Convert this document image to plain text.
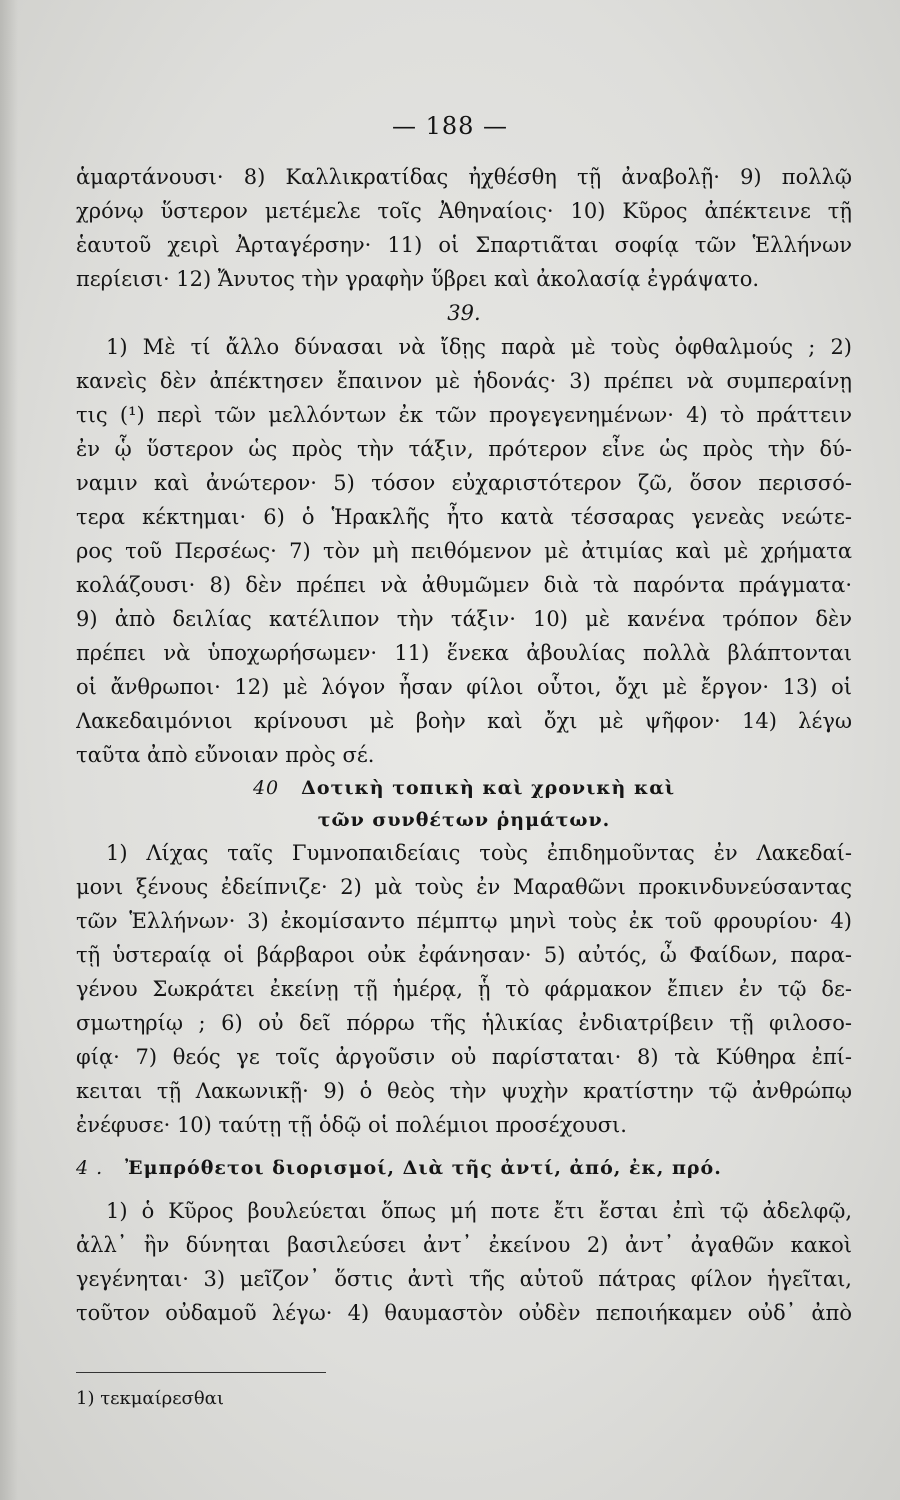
— 188 —
ἁμαρτάνουσι· 8) Καλλικρατίδας ἠχθέσθη τῇ ἀναβολῇ· 9) πολλῷ
χρόνῳ ὕστερον μετέμελε τοῖς Ἀθηναίοις· 10) Κῦρος ἀπέκτεινε τῇ
ἑαυτοῦ χειρὶ Ἀρταγέρσην· 11) οἱ Σπαρτιᾶται σοφίᾳ τῶν Ἑλλήνων
περίεισι· 12) Ἄνυτος τὴν γραφὴν ὕβρει καὶ ἀκολασίᾳ ἐγράψατο.
39.
1) Μὲ τί ἄλλο δύνασαι νὰ ἴδῃς παρὰ μὲ τοὺς ὀφθαλμούς ; 2)
κανεὶς δὲν ἀπέκτησεν ἔπαινον μὲ ἡδονάς· 3) πρέπει νὰ συμπεραίνῃ
τις (¹) περὶ τῶν μελλόντων ἐκ τῶν προγεγενημένων· 4) τὸ πράττειν
ἐν ᾧ ὕστερον ὡς πρὸς τὴν τάξιν, πρότερον εἶνε ὡς πρὸς τὴν δύ-
ναμιν καὶ ἀνώτερον· 5) τόσον εὐχαριστότερον ζῶ, ὅσον περισσό-
τερα κέκτημαι· 6) ὁ Ἡρακλῆς ἦτο κατὰ τέσσαρας γενεὰς νεώτε-
ρος τοῦ Περσέως· 7) τὸν μὴ πειθόμενον μὲ ἀτιμίας καὶ μὲ χρήματα
κολάζουσι· 8) δὲν πρέπει νὰ ἀθυμῶμεν διὰ τὰ παρόντα πράγματα·
9) ἀπὸ δειλίας κατέλιπον τὴν τάξιν· 10) μὲ κανένα τρόπον δὲν
πρέπει νὰ ὑποχωρήσωμεν· 11) ἕνεκα ἀβουλίας πολλὰ βλάπτονται
οἱ ἄνθρωποι· 12) μὲ λόγον ἦσαν φίλοι οὗτοι, ὄχι μὲ ἔργον· 13) οἱ
Λακεδαιμόνιοι κρίνουσι μὲ βοὴν καὶ ὄχι μὲ ψῆφον· 14) λέγω
ταῦτα ἀπὸ εὔνοιαν πρὸς σέ.
40 Δοτικὴ τοπικὴ καὶ χρονικὴ καὶ
τῶν συνθέτων ῥημάτων.
1) Λίχας ταῖς Γυμνοπαιδείαις τοὺς ἐπιδημοῦντας ἐν Λακεδαί-
μονι ξένους ἐδείπνιζε· 2) μὰ τοὺς ἐν Μαραθῶνι προκινδυνεύσαντας
τῶν Ἑλλήνων· 3) ἐκομίσαντο πέμπτῳ μηνὶ τοὺς ἐκ τοῦ φρουρίου· 4)
τῇ ὑστεραίᾳ οἱ βάρβαροι οὐκ ἐφάνησαν· 5) αὐτός, ὦ Φαίδων, παρα-
γένου Σωκράτει ἐκείνῃ τῇ ἡμέρᾳ, ᾗ τὸ φάρμακον ἔπιεν ἐν τῷ δε-
σμωτηρίῳ ; 6) οὐ δεῖ πόρρω τῆς ἡλικίας ἐνδιατρίβειν τῇ φιλοσο-
φίᾳ· 7) θεός γε τοῖς ἀργοῦσιν οὐ παρίσταται· 8) τὰ Κύθηρα ἐπί-
κειται τῇ Λακωνικῇ· 9) ὁ θεὸς τὴν ψυχὴν κρατίστην τῷ ἀνθρώπῳ
ἐνέφυσε· 10) ταύτῃ τῇ ὁδῷ οἱ πολέμιοι προσέχουσι.
4 . Ἐμπρόθετοι διορισμοί, Διὰ τῆς ἀντί, ἀπό, ἐκ, πρό.
1) ὁ Κῦρος βουλεύεται ὅπως μή ποτε ἔτι ἔσται ἐπὶ τῷ ἀδελφῷ,
ἀλλ᾽ ἢν δύνηται βασιλεύσει ἀντ᾽ ἐκείνου 2) ἀντ᾽ ἀγαθῶν κακοὶ
γεγένηται· 3) μεῖζον᾽ ὅστις ἀντὶ τῆς αὑτοῦ πάτρας φίλον ἡγεῖται,
τοῦτον οὐδαμοῦ λέγω· 4) θαυμαστὸν οὐδὲν πεποιήκαμεν οὐδ᾽ ἀπὸ
1) τεκμαίρεσθαι
